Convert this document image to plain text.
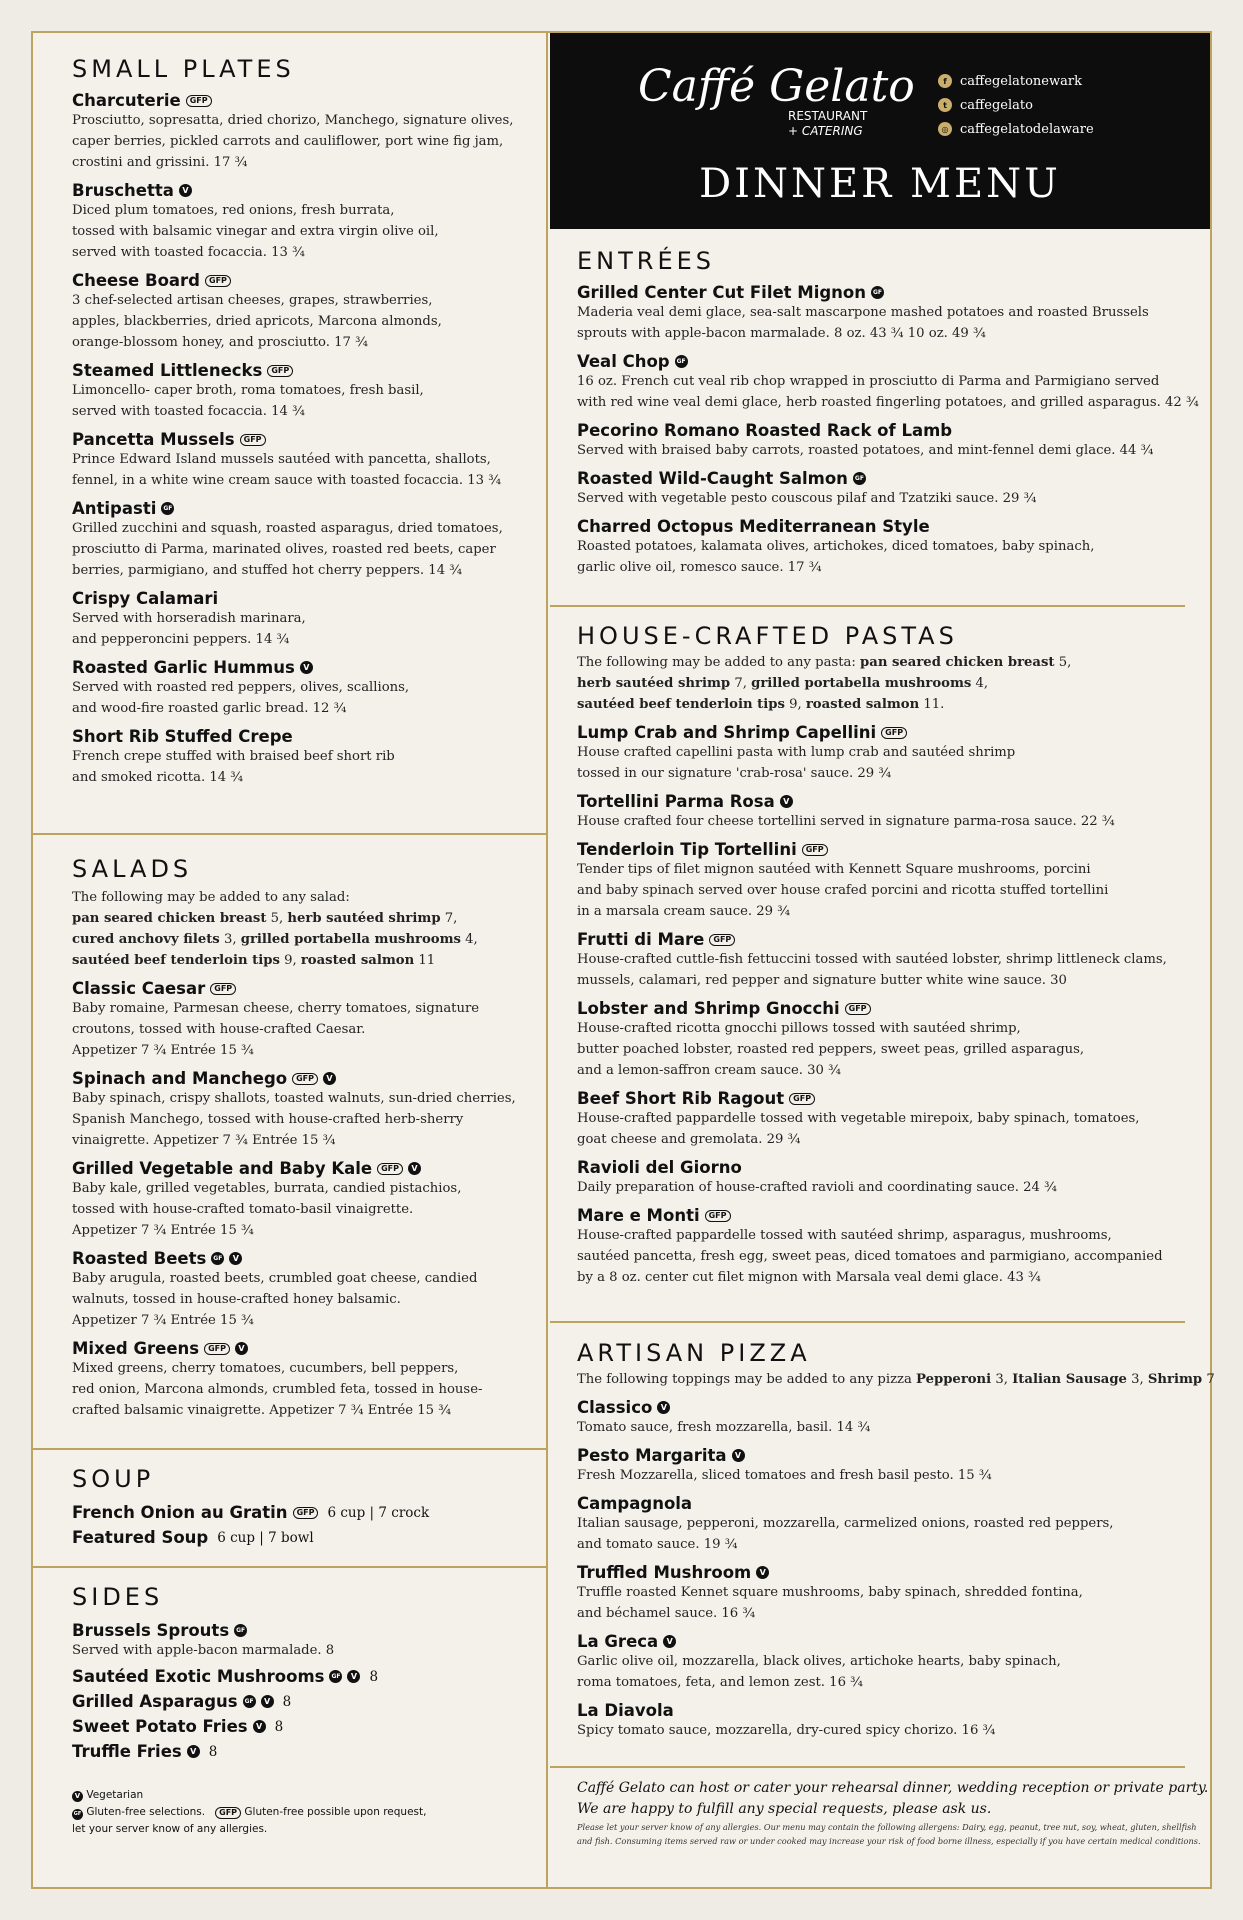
SMALL PLATES
Charcuterie	GFP
Prosciutto, sopresatta, dried chorizo, Manchego, signature olives,
caper berries, pickled carrots and cauliflower, port wine fig jam,
crostini and grissini. 17 ¾
Bruschetta	V
Diced plum tomatoes, red onions, fresh burrata,
tossed with balsamic vinegar and extra virgin olive oil,
served with toasted focaccia. 13 ¾
Cheese Board	GFP
3 chef-selected artisan cheeses, grapes, strawberries,
apples, blackberries, dried apricots, Marcona almonds,
orange-blossom honey, and prosciutto. 17 ¾
Steamed Littlenecks	GFP
Limoncello- caper broth, roma tomatoes, fresh basil,
served with toasted focaccia. 14 ¾
Pancetta Mussels	GFP
Prince Edward Island mussels sautéed with pancetta, shallots,
fennel, in a white wine cream sauce with toasted focaccia. 13 ¾
Antipasti	GF
Grilled zucchini and squash, roasted asparagus, dried tomatoes,
prosciutto di Parma, marinated olives, roasted red beets, caper
berries, parmigiano, and stuffed hot cherry peppers. 14 ¾
Crispy Calamari
Served with horseradish marinara,
and pepperoncini peppers. 14 ¾
Roasted Garlic Hummus	V
Served with roasted red peppers, olives, scallions,
and wood-fire roasted garlic bread. 12 ¾
Short Rib Stuffed Crepe
French crepe stuffed with braised beef short rib
and smoked ricotta. 14 ¾
SALADS
The following may be added to any salad:
pan seared chicken breast 5, herb sautéed shrimp 7,
cured anchovy filets 3, grilled portabella mushrooms 4,
sautéed beef tenderloin tips 9, roasted salmon 11
Classic Caesar	GFP
Baby romaine, Parmesan cheese, cherry tomatoes, signature
croutons, tossed with house-crafted Caesar.
Appetizer 7 ¾ Entrée 15 ¾
Spinach and Manchego	GFP	V
Baby spinach, crispy shallots, toasted walnuts, sun-dried cherries,
Spanish Manchego, tossed with house-crafted herb-sherry
vinaigrette. Appetizer 7 ¾ Entrée 15 ¾
Grilled Vegetable and Baby Kale	GFP	V
Baby kale, grilled vegetables, burrata, candied pistachios,
tossed with house-crafted tomato-basil vinaigrette.
Appetizer 7 ¾ Entrée 15 ¾
Roasted Beets	GF	V
Baby arugula, roasted beets, crumbled goat cheese, candied
walnuts, tossed in house-crafted honey balsamic.
Appetizer 7 ¾ Entrée 15 ¾
Mixed Greens	GFP	V
Mixed greens, cherry tomatoes, cucumbers, bell peppers,
red onion, Marcona almonds, crumbled feta, tossed in house-
crafted balsamic vinaigrette. Appetizer 7 ¾ Entrée 15 ¾
SOUP
French Onion au Gratin	GFP 6 cup | 7 crock
Featured Soup 6 cup | 7 bowl
SIDES
Brussels Sprouts	GF
Served with apple-bacon marmalade. 8
Sautéed Exotic Mushrooms	GF	V 8
Grilled Asparagus	GF	V 8
Sweet Potato Fries	V 8
Truffle Fries	V 8
V Vegetarian
GF Gluten-free selections. GFP Gluten-free possible upon request,
let your server know of any allergies.
Caffé Gelato
RESTAURANT
+ CATERING
f	caffegelatonewark
t	caffegelato
◎ caffegelatodelaware
DINNER MENU
ENTRÉES
Grilled Center Cut Filet Mignon	GF
Maderia veal demi glace, sea-salt mascarpone mashed potatoes and roasted Brussels
sprouts with apple-bacon marmalade. 8 oz. 43 ¾ 10 oz. 49 ¾
Veal Chop	GF
16 oz. French cut veal rib chop wrapped in prosciutto di Parma and Parmigiano served
with red wine veal demi glace, herb roasted fingerling potatoes, and grilled asparagus. 42 ¾
Pecorino Romano Roasted Rack of Lamb
Served with braised baby carrots, roasted potatoes, and mint-fennel demi glace. 44 ¾
Roasted Wild-Caught Salmon	GF
Served with vegetable pesto couscous pilaf and Tzatziki sauce. 29 ¾
Charred Octopus Mediterranean Style
Roasted potatoes, kalamata olives, artichokes, diced tomatoes, baby spinach,
garlic olive oil, romesco sauce. 17 ¾
HOUSE-CRAFTED PASTAS
The following may be added to any pasta: pan seared chicken breast 5,
herb sautéed shrimp 7, grilled portabella mushrooms 4,
sautéed beef tenderloin tips 9, roasted salmon 11.
Lump Crab and Shrimp Capellini	GFP
House crafted capellini pasta with lump crab and sautéed shrimp
tossed in our signature 'crab-rosa' sauce. 29 ¾
Tortellini Parma Rosa	V
House crafted four cheese tortellini served in signature parma-rosa sauce. 22 ¾
Tenderloin Tip Tortellini	GFP
Tender tips of filet mignon sautéed with Kennett Square mushrooms, porcini
and baby spinach served over house crafed porcini and ricotta stuffed tortellini
in a marsala cream sauce. 29 ¾
Frutti di Mare	GFP
House-crafted cuttle-fish fettuccini tossed with sautéed lobster, shrimp littleneck clams,
mussels, calamari, red pepper and signature butter white wine sauce. 30
Lobster and Shrimp Gnocchi	GFP
House-crafted ricotta gnocchi pillows tossed with sautéed shrimp,
butter poached lobster, roasted red peppers, sweet peas, grilled asparagus,
and a lemon-saffron cream sauce. 30 ¾
Beef Short Rib Ragout	GFP
House-crafted pappardelle tossed with vegetable mirepoix, baby spinach, tomatoes,
goat cheese and gremolata. 29 ¾
Ravioli del Giorno
Daily preparation of house-crafted ravioli and coordinating sauce. 24 ¾
Mare e Monti	GFP
House-crafted pappardelle tossed with sautéed shrimp, asparagus, mushrooms,
sautéed pancetta, fresh egg, sweet peas, diced tomatoes and parmigiano, accompanied
by a 8 oz. center cut filet mignon with Marsala veal demi glace. 43 ¾
ARTISAN PIZZA
The following toppings may be added to any pizza Pepperoni 3, Italian Sausage 3, Shrimp 7
Classico	V
Tomato sauce, fresh mozzarella, basil. 14 ¾
Pesto Margarita	V
Fresh Mozzarella, sliced tomatoes and fresh basil pesto. 15 ¾
Campagnola
Italian sausage, pepperoni, mozzarella, carmelized onions, roasted red peppers,
and tomato sauce. 19 ¾
Truffled Mushroom	V
Truffle roasted Kennet square mushrooms, baby spinach, shredded fontina,
and béchamel sauce. 16 ¾
La Greca	V
Garlic olive oil, mozzarella, black olives, artichoke hearts, baby spinach,
roma tomatoes, feta, and lemon zest. 16 ¾
La Diavola
Spicy tomato sauce, mozzarella, dry-cured spicy chorizo. 16 ¾
Caffé Gelato can host or cater your rehearsal dinner, wedding reception or private party.
We are happy to fulfill any special requests, please ask us.
Please let your server know of any allergies. Our menu may contain the following allergens: Dairy, egg, peanut, tree nut, soy, wheat, gluten, shellfish
and fish. Consuming items served raw or under cooked may increase your risk of food borne illness, especially if you have certain medical conditions.
